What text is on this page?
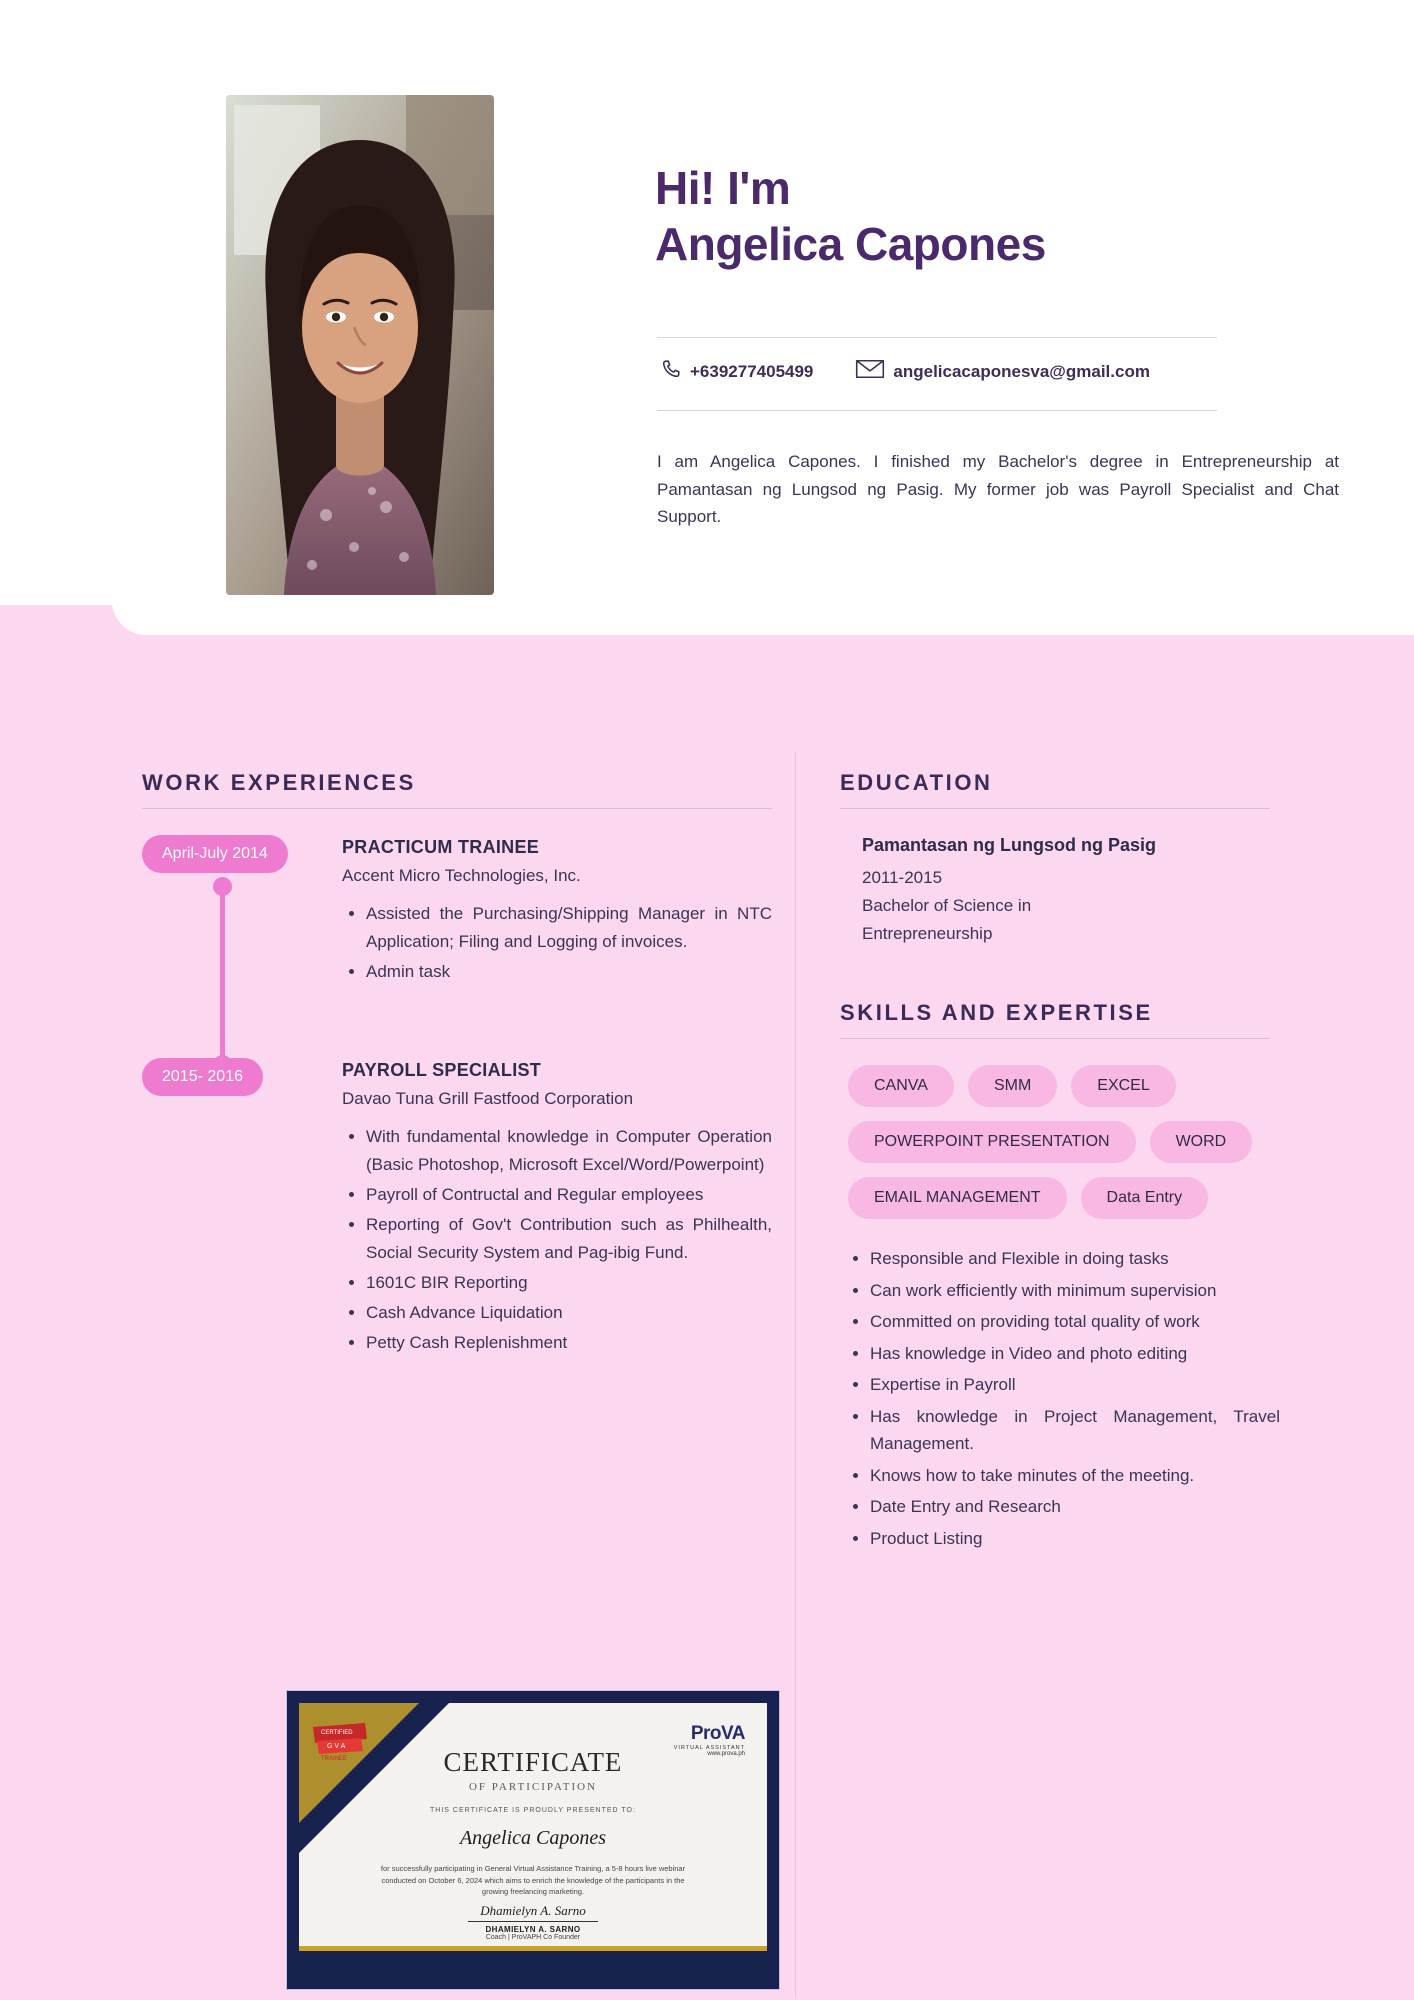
Hi! I'm
Angelica Capones
+639277405499	angelicacaponesva@gmail.com
I am Angelica Capones. I finished my Bachelor's degree in Entrepreneurship at Pamantasan ng Lungsod ng Pasig. My former job was Payroll Specialist and Chat Support.
WORK EXPERIENCES
April-July 2014	PRACTICUM TRAINEE

Accent Micro Technologies, Inc.

• Assisted the Purchasing/Shipping Manager in NTC Application; Filing and Logging of invoices.
• Admin task
2015- 2016	PAYROLL SPECIALIST

Davao Tuna Grill Fastfood Corporation

• With fundamental knowledge in Computer Operation (Basic Photoshop, Microsoft Excel/Word/Powerpoint)
• Payroll of Contructal and Regular employees
• Reporting of Gov't Contribution such as Philhealth, Social Security System and Pag-ibig Fund.
• 1601C BIR Reporting
• Cash Advance Liquidation
• Petty Cash Replenishment
EDUCATION

Pamantasan ng Lungsod ng Pasig

2011-2015
Bachelor of Science in
Entrepreneurship
SKILLS AND EXPERTISE
CANVA	SMM	EXCEL
POWERPOINT PRESENTATION	WORD
EMAIL MANAGEMENT	Data Entry
• Responsible and Flexible in doing tasks
• Can work efficiently with minimum supervision
• Committed on providing total quality of work
• Has knowledge in Video and photo editing
• Expertise in Payroll
• Has knowledge in Project Management, Travel Management.
• Knows how to take minutes of the meeting.
• Date Entry and Research
• Product Listing
CERTIFIED
G V A
TRAINEE
ProVA
VIRTUAL ASSISTANT
www.prova.ph
CERTIFICATE
OF PARTICIPATION
THIS CERTIFICATE IS PROUDLY PRESENTED TO:
Angelica Capones
for successfully participating in General Virtual Assistance Training, a 5-8 hours live webinar conducted on October 6, 2024 which aims to enrich the knowledge of the participants in the growing freelancing marketing.
Dhamielyn A. Sarno
DHAMIELYN A. SARNO
Coach | ProVAPH Co Founder
